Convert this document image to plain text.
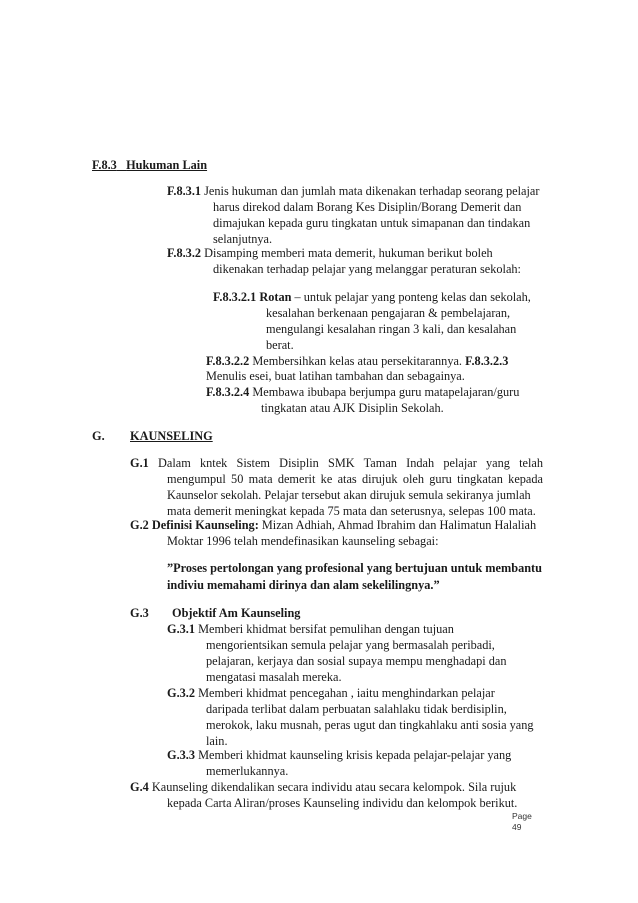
F.8.3 Hukuman Lain
F.8.3.1 Jenis hukuman dan jumlah mata dikenakan terhadap seorang pelajar
harus direkod dalam Borang Kes Disiplin/Borang Demerit dan
dimajukan kepada guru tingkatan untuk simapanan dan tindakan
selanjutnya.
F.8.3.2 Disamping memberi mata demerit, hukuman berikut boleh
dikenakan terhadap pelajar yang melanggar peraturan sekolah:
F.8.3.2.1 Rotan – untuk pelajar yang ponteng kelas dan sekolah,
kesalahan berkenaan pengajaran & pembelajaran,
mengulangi kesalahan ringan 3 kali, dan kesalahan
berat.
F.8.3.2.2 Membersihkan kelas atau persekitarannya. F.8.3.2.3
Menulis esei, buat latihan tambahan dan sebagainya.
F.8.3.2.4 Membawa ibubapa berjumpa guru matapelajaran/guru
tingkatan atau AJK Disiplin Sekolah.
G. KAUNSELING
G.1 Dalam kntek Sistem Disiplin SMK Taman Indah pelajar yang telah
mengumpul 50 mata demerit ke atas dirujuk oleh guru tingkatan kepada
Kaunselor sekolah. Pelajar tersebut akan dirujuk semula sekiranya jumlah
mata demerit meningkat kepada 75 mata dan seterusnya, selepas 100 mata.
G.2 Definisi Kaunseling: Mizan Adhiah, Ahmad Ibrahim dan Halimatun Halaliah
Moktar 1996 telah mendefinasikan kaunseling sebagai:
”Proses pertolongan yang profesional yang bertujuan untuk membantu
indiviu memahami dirinya dan alam sekelilingnya.”
G.3 Objektif Am Kaunseling
G.3.1 Memberi khidmat bersifat pemulihan dengan tujuan
mengorientsikan semula pelajar yang bermasalah peribadi,
pelajaran, kerjaya dan sosial supaya mempu menghadapi dan
mengatasi masalah mereka.
G.3.2 Memberi khidmat pencegahan , iaitu menghindarkan pelajar
daripada terlibat dalam perbuatan salahlaku tidak berdisiplin,
merokok, laku musnah, peras ugut dan tingkahlaku anti sosia yang
lain.
G.3.3 Memberi khidmat kaunseling krisis kepada pelajar-pelajar yang
memerlukannya.
G.4 Kaunseling dikendalikan secara individu atau secara kelompok. Sila rujuk
kepada Carta Aliran/proses Kaunseling individu dan kelompok berikut.
Page
49
